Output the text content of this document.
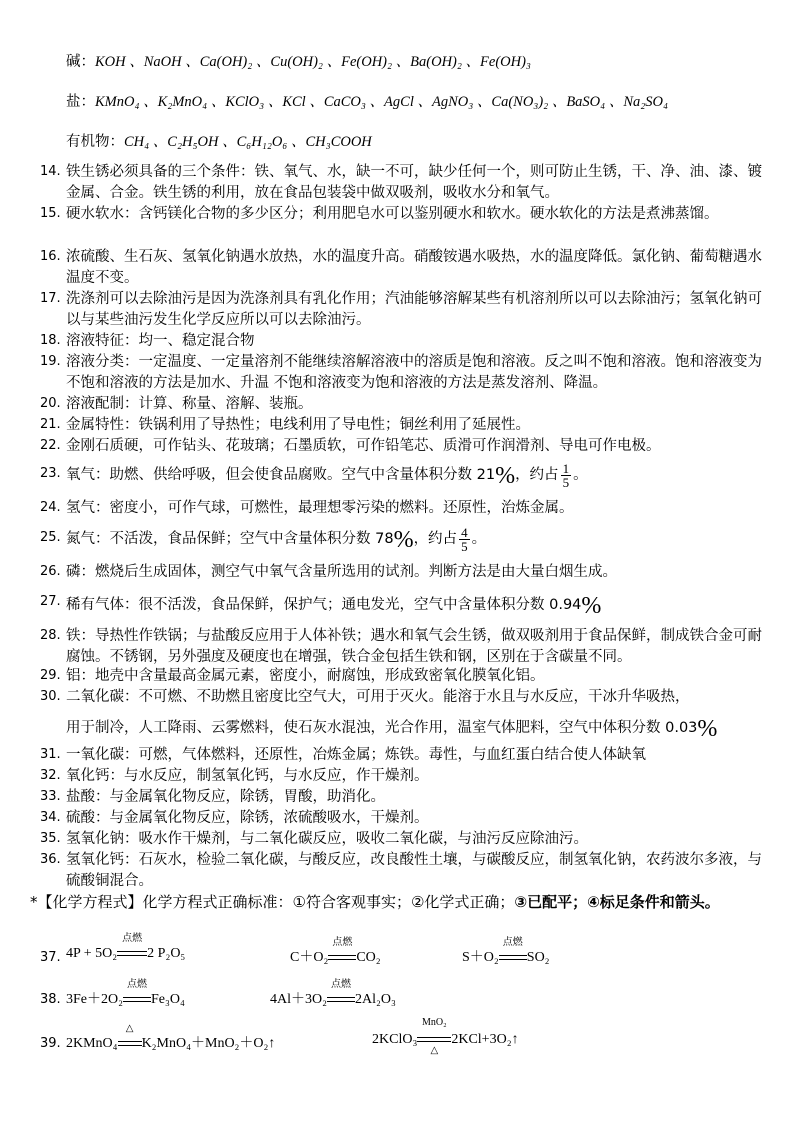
碱：KOH 、NaOH 、Ca(OH)₂ 、Cu(OH)₂ 、Fe(OH)₂ 、Ba(OH)₂ 、Fe(OH)₃
盐：KMnO₄ 、K₂MnO₄ 、KClO₃ 、KCl 、CaCO₃ 、AgCl 、AgNO₃ 、Ca(NO₃)₂ 、BaSO₄ 、Na₂SO₄
有机物：CH₄ 、C₂H₅OH 、C₆H₁₂O₆ 、CH₃COOH
14. 铁生锈必须具备的三个条件：铁、氧气、水，缺一不可，缺少任何一个，则可防止生锈，干、净、油、漆、镀金属、合金。铁生锈的利用，放在食品包装袋中做双吸剂，吸收水分和氧气。
15. 硬水软水：含钙镁化合物的多少区分；利用肥皂水可以鉴别硬水和软水。硬水软化的方法是煮沸蒸馏。
16. 浓硫酸、生石灰、氢氧化钠遇水放热，水的温度升高。硝酸铵遇水吸热，水的温度降低。氯化钠、葡萄糖遇水温度不变。
17. 洗涤剂可以去除油污是因为洗涤剂具有乳化作用；汽油能够溶解某些有机溶剂所以可以去除油污；氢氧化钠可以与某些油污发生化学反应所以可以去除油污。
18. 溶液特征：均一、稳定混合物
19. 溶液分类：一定温度、一定量溶剂不能继续溶解溶液中的溶质是饱和溶液。反之叫不饱和溶液。饱和溶液变为不饱和溶液的方法是加水、升温 不饱和溶液变为饱和溶液的方法是蒸发溶剂、降温。
20. 溶液配制：计算、称量、溶解、装瓶。
21. 金属特性：铁锅利用了导热性；电线利用了导电性；铜丝利用了延展性。
22. 金刚石质硬，可作钻头、花玻璃；石墨质软，可作铅笔芯、质滑可作润滑剂、导电可作电极。
23. 氧气：助燃、供给呼吸，但会使食品腐败。空气中含量体积分数 21%，约占 $\frac{1}{5}$ 。
24. 氢气：密度小，可作气球，可燃性，最理想零污染的燃料。还原性，治炼金属。
25. 氮气：不活泼，食品保鲜；空气中含量体积分数 78%，约占 $\frac{4}{5}$ 。
26. 磷：燃烧后生成固体，测空气中氧气含量所选用的试剂。判断方法是由大量白烟生成。
27. 稀有气体：很不活泼，食品保鲜，保护气；通电发光，空气中含量体积分数 0.94%
28. 铁：导热性作铁锅；与盐酸反应用于人体补铁；遇水和氧气会生锈，做双吸剂用于食品保鲜，制成铁合金可耐腐蚀。不锈钢，另外强度及硬度也在增强，铁合金包括生铁和钢，区别在于含碳量不同。
29. 铝：地壳中含量最高金属元素，密度小，耐腐蚀，形成致密氧化膜氧化铝。
30. 二氧化碳：不可燃、不助燃且密度比空气大，可用于灭火。能溶于水且与水反应，干冰升华吸热，
用于制冷，人工降雨、云雾燃料，使石灰水混浊，光合作用，温室气体肥料，空气中体积分数 0.03%
31. 一氧化碳：可燃，气体燃料，还原性，冶炼金属；炼铁。毒性，与血红蛋白结合使人体缺氧
32. 氧化钙：与水反应，制氢氧化钙，与水反应，作干燥剂。
33. 盐酸：与金属氧化物反应，除锈，胃酸，助消化。
34. 硫酸：与金属氧化物反应，除锈，浓硫酸吸水，干燥剂。
35. 氢氧化钠：吸水作干燥剂，与二氧化碳反应，吸收二氧化碳，与油污反应除油污。
36. 氢氧化钙：石灰水，检验二氧化碳，与酸反应，改良酸性土壤，与碳酸反应，制氢氧化钠，农药波尔多液，与硫酸铜混合。
*【化学方程式】化学方程式正确标准：①符合客观事实；②化学式正确；③已配平；④标足条件和箭头。
37. 4P + 5O₂
点燃
2 P₂O₅	C＋O₂
点燃
CO₂	S＋O₂
点燃
SO₂
38. 3Fe＋2O₂
点燃
Fe₃O₄	4Al＋3O₂
点燃
2Al₂O₃
39. 2KMnO₄
△
K₂MnO₄＋MnO₂＋O₂↑	2KClO₃
MnO₂
△
2KCl+3O₂↑
